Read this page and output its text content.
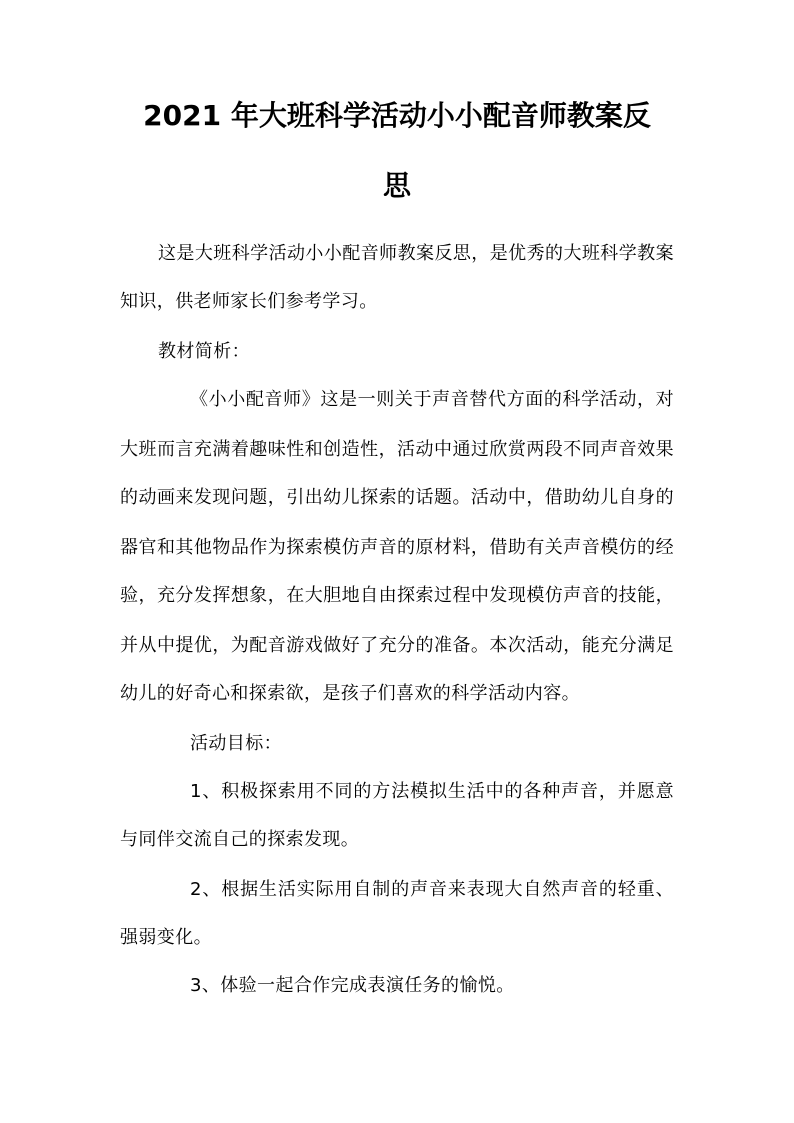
2021 年大班科学活动小小配音师教案反
思
这是大班科学活动小小配音师教案反思，是优秀的大班科学教案
知识，供老师家长们参考学习。
教材简析：
《小小配音师》这是一则关于声音替代方面的科学活动，对
大班而言充满着趣味性和创造性，活动中通过欣赏两段不同声音效果
的动画来发现问题，引出幼儿探索的话题。活动中，借助幼儿自身的
器官和其他物品作为探索模仿声音的原材料，借助有关声音模仿的经
验，充分发挥想象，在大胆地自由探索过程中发现模仿声音的技能，
并从中提优，为配音游戏做好了充分的准备。本次活动，能充分满足
幼儿的好奇心和探索欲，是孩子们喜欢的科学活动内容。
活动目标：
1、积极探索用不同的方法模拟生活中的各种声音，并愿意
与同伴交流自己的探索发现。
2、根据生活实际用自制的声音来表现大自然声音的轻重、
强弱变化。
3、体验一起合作完成表演任务的愉悦。
